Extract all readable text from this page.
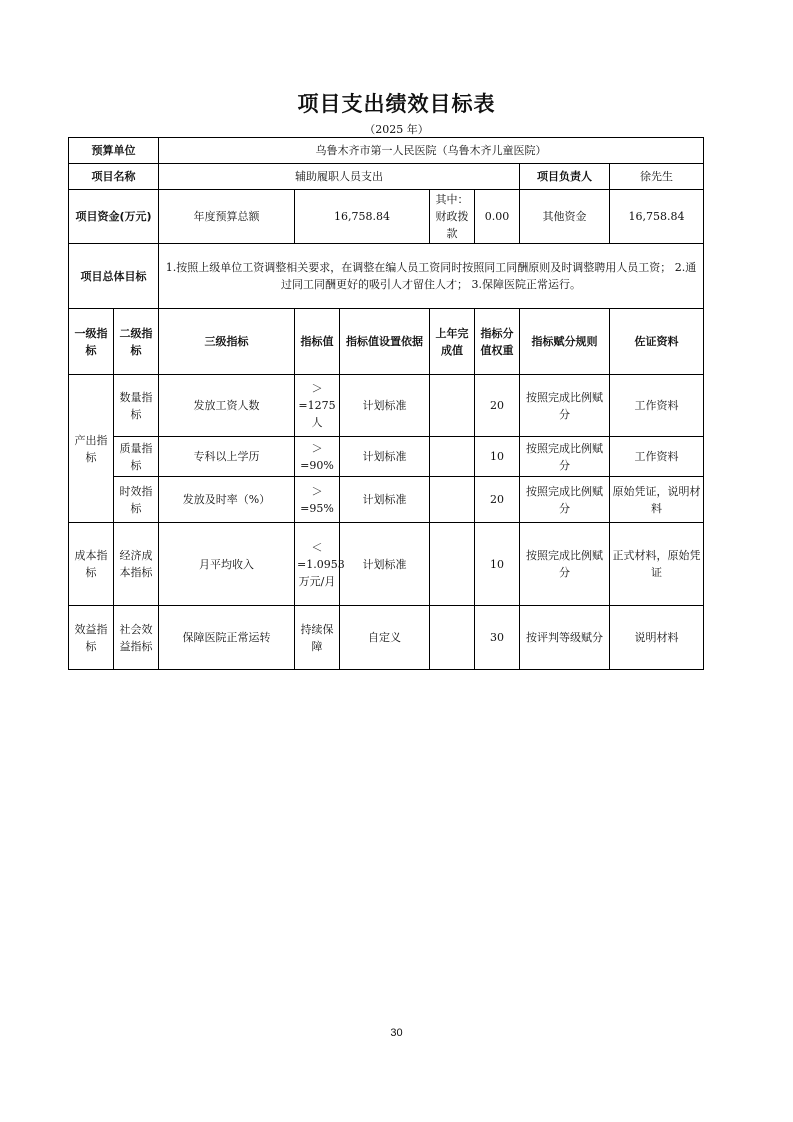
项目支出绩效目标表
（2025 年）
预算单位		乌鲁木齐市第一人民医院（乌鲁木齐儿童医院）						
项目名称		辅助履职人员支出					项目负责人	徐先生
项目资金(万元)		年度预算总额	16,758.84		其中：财政拨款	0.00	其他资金	16,758.84
项目总体目标		1.按照上级单位工资调整相关要求，在调整在编人员工资同时按照同工同酬原则及时调整聘用人员工资； 2.通过同工同酬更好的吸引人才留住人才； 3.保障医院正常运行。						
一级指标	二级指标	三级指标	指标值	指标值设置依据	上年完成值	指标分值权重	指标赋分规则	佐证资料
产出指标	数量指标	发放工资人数	＞=1275人	计划标准		20	按照完成比例赋分	工作资料
	质量指标	专科以上学历	＞=90%	计划标准		10	按照完成比例赋分	工作资料
	时效指标	发放及时率（%）	＞=95%	计划标准		20	按照完成比例赋分	原始凭证，说明材料
成本指标	经济成本指标	月平均收入	＜=1.0953万元/月	计划标准		10	按照完成比例赋分	正式材料，原始凭证
效益指标	社会效益指标	保障医院正常运转	持续保障	自定义		30	按评判等级赋分	说明材料
30
